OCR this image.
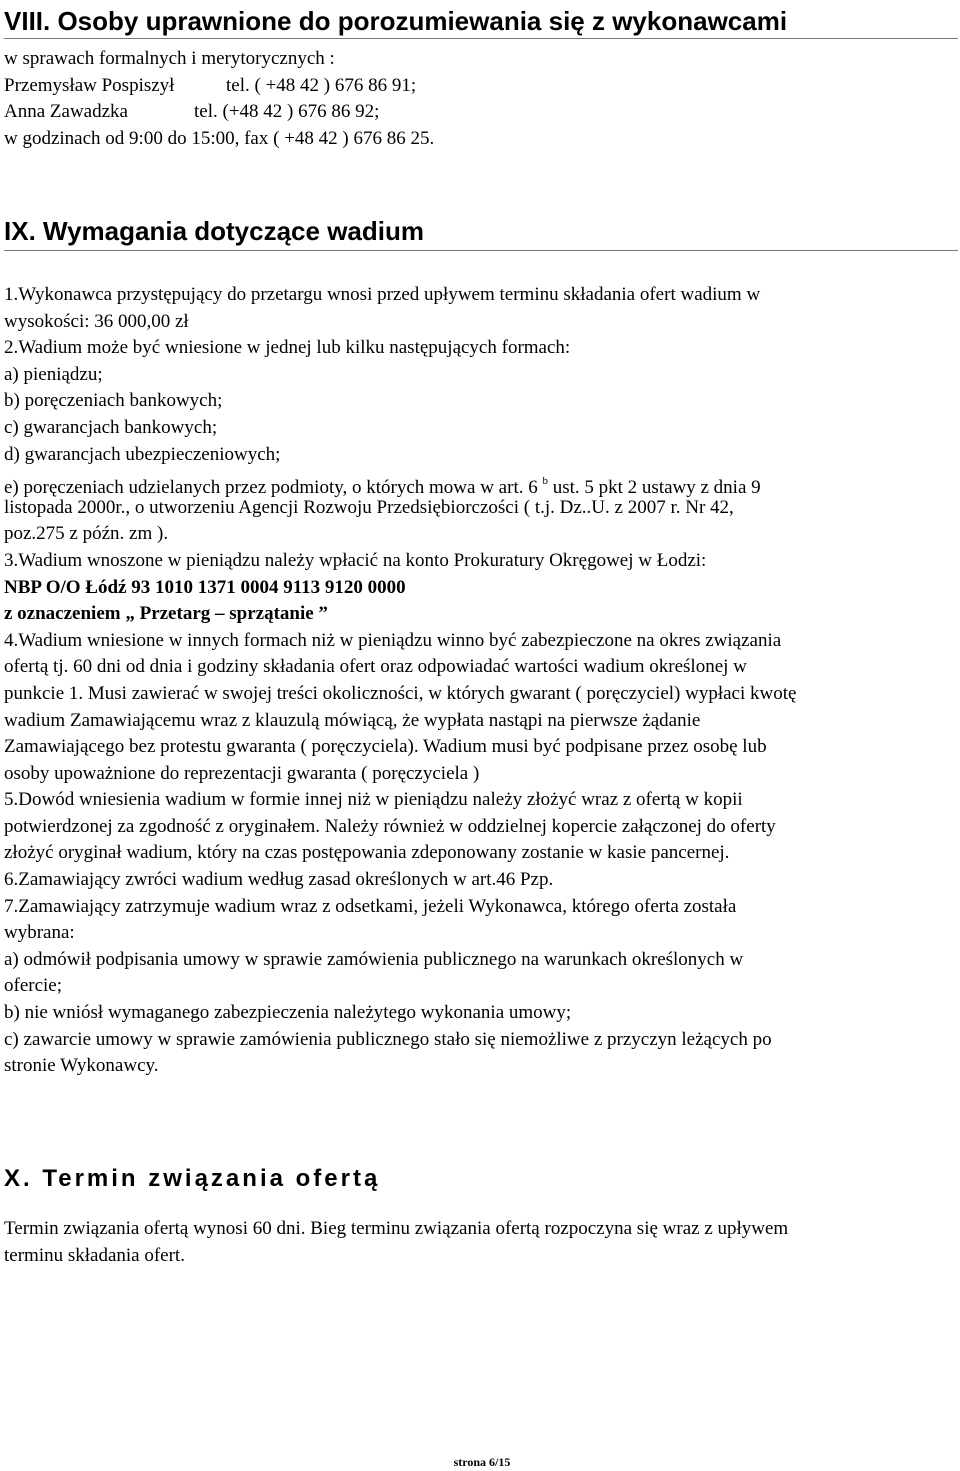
VIII. Osoby uprawnione do porozumiewania się z wykonawcami
w sprawach formalnych i merytorycznych :
Przemysław Pospiszył	tel. ( +48 42 ) 676 86 91;
Anna Zawadzka	tel. (+48 42 ) 676 86 92;
w godzinach od 9:00 do 15:00, fax ( +48 42 ) 676 86 25.
IX. Wymagania dotyczące wadium
1.Wykonawca przystępujący do przetargu wnosi przed upływem terminu składania ofert wadium w
wysokości: 36 000,00 zł
2.Wadium może być wniesione w jednej lub kilku następujących formach:
a) pieniądzu;
b) poręczeniach bankowych;
c) gwarancjach bankowych;
d) gwarancjach ubezpieczeniowych;
e) poręczeniach udzielanych przez podmioty, o których mowa w art. 6 $^b$ ust. 5 pkt 2 ustawy z dnia 9
listopada 2000r., o utworzeniu Agencji Rozwoju Przedsiębiorczości ( t.j. Dz..U. z 2007 r. Nr 42,
poz.275 z późn. zm ).
3.Wadium wnoszone w pieniądzu należy wpłacić na konto Prokuratury Okręgowej w Łodzi:
NBP O/O Łódź 93 1010 1371 0004 9113 9120 0000
z oznaczeniem „ Przetarg – sprzątanie ”
4.Wadium wniesione w innych formach niż w pieniądzu winno być zabezpieczone na okres związania
ofertą tj. 60 dni od dnia i godziny składania ofert oraz odpowiadać wartości wadium określonej w
punkcie 1. Musi zawierać w swojej treści okoliczności, w których gwarant ( poręczyciel) wypłaci kwotę
wadium Zamawiającemu wraz z klauzulą mówiącą, że wypłata nastąpi na pierwsze żądanie
Zamawiającego bez protestu gwaranta ( poręczyciela). Wadium musi być podpisane przez osobę lub
osoby upoważnione do reprezentacji gwaranta ( poręczyciela )
5.Dowód wniesienia wadium w formie innej niż w pieniądzu należy złożyć wraz z ofertą w kopii
potwierdzonej za zgodność z oryginałem. Należy również w oddzielnej kopercie załączonej do oferty
złożyć oryginał wadium, który na czas postępowania zdeponowany zostanie w kasie pancernej.
6.Zamawiający zwróci wadium według zasad określonych w art.46 Pzp.
7.Zamawiający zatrzymuje wadium wraz z odsetkami, jeżeli Wykonawca, którego oferta została
wybrana:
a) odmówił podpisania umowy w sprawie zamówienia publicznego na warunkach określonych w
ofercie;
b) nie wniósł wymaganego zabezpieczenia należytego wykonania umowy;
c) zawarcie umowy w sprawie zamówienia publicznego stało się niemożliwe z przyczyn leżących po
stronie Wykonawcy.
X. Termin związania ofertą
Termin związania ofertą wynosi 60 dni. Bieg terminu związania ofertą rozpoczyna się wraz z upływem
terminu składania ofert.
strona 6/15
